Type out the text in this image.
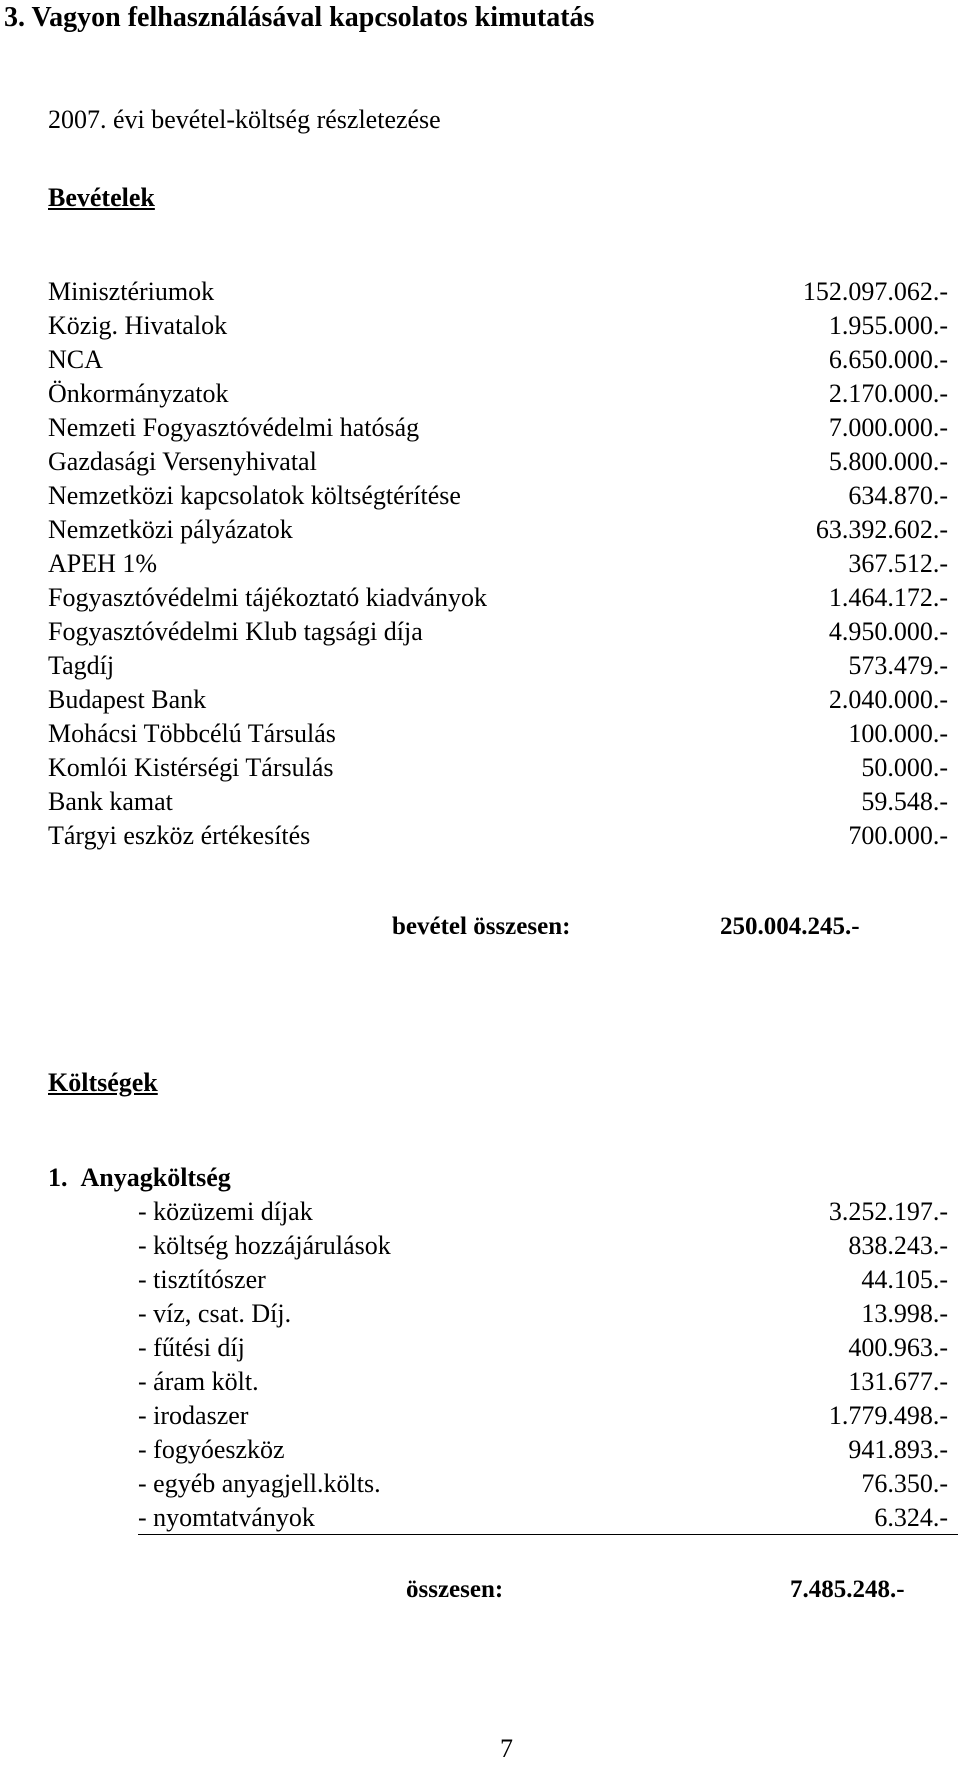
3. Vagyon felhasználásával kapcsolatos kimutatás
2007. évi bevétel-költség részletezése
Bevételek
Minisztériumok	152.097.062.-
Közig. Hivatalok	1.955.000.-
NCA	6.650.000.-
Önkormányzatok	2.170.000.-
Nemzeti Fogyasztóvédelmi hatóság	7.000.000.-
Gazdasági Versenyhivatal	5.800.000.-
Nemzetközi kapcsolatok költségtérítése	634.870.-
Nemzetközi pályázatok	63.392.602.-
APEH 1%	367.512.-
Fogyasztóvédelmi tájékoztató kiadványok	1.464.172.-
Fogyasztóvédelmi Klub tagsági díja	4.950.000.-
Tagdíj	573.479.-
Budapest Bank	2.040.000.-
Mohácsi Többcélú Társulás	100.000.-
Komlói Kistérségi Társulás	50.000.-
Bank kamat	59.548.-
Tárgyi eszköz értékesítés	700.000.-
bevétel összesen:	250.004.245.-
Költségek
1. Anyagköltség
- közüzemi díjak	3.252.197.-
- költség hozzájárulások	838.243.-
- tisztítószer	44.105.-
- víz, csat. Díj.	13.998.-
- fűtési díj	400.963.-
- áram költ.	131.677.-
- irodaszer	1.779.498.-
- fogyóeszköz	941.893.-
- egyéb anyagjell.költs.	76.350.-
- nyomtatványok	6.324.-
összesen:	7.485.248.-
7
